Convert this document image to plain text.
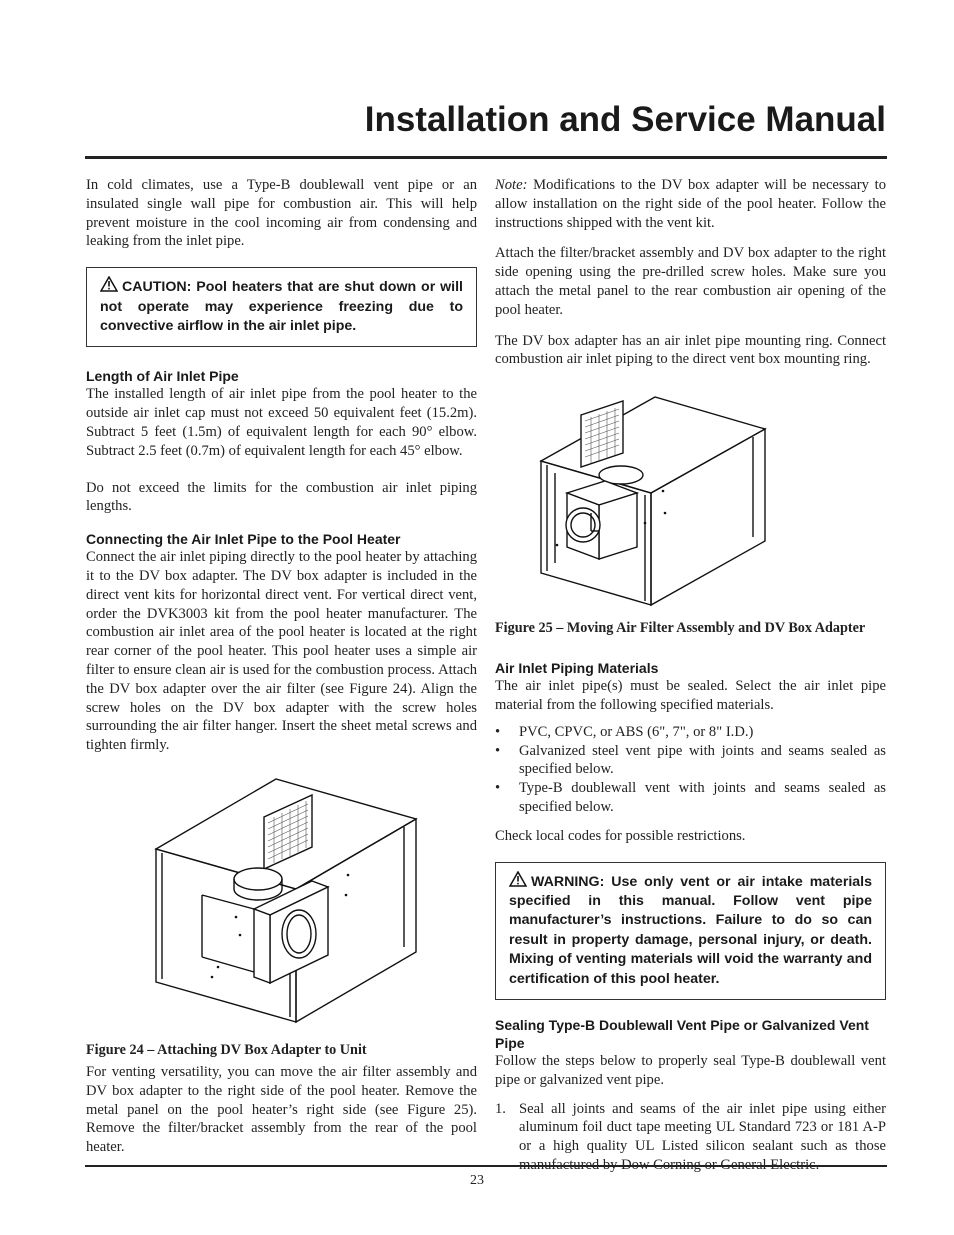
Installation and Service Manual

In cold climates, use a Type-B doublewall vent pipe or an insulated single wall pipe for combustion air. This will help prevent moisture in the cool incoming air from condensing and leaking from the inlet pipe.

CAUTION: Pool heaters that are shut down or will not operate may experience freezing due to convective airflow in the air inlet pipe.
Length of Air Inlet Pipe

The installed length of air inlet pipe from the pool heater to the outside air inlet cap must not exceed 50 equivalent feet (15.2m). Subtract 5 feet (1.5m) of equivalent length for each 90° elbow. Subtract 2.5 feet (0.7m) of equivalent length for each 45° elbow.

Do not exceed the limits for the combustion air inlet piping lengths.

Connecting the Air Inlet Pipe to the Pool Heater

Connect the air inlet piping directly to the pool heater by attaching it to the DV box adapter. The DV box adapter is included in the direct vent kits for horizontal direct vent. For vertical direct vent, order the DVK3003 kit from the pool heater manufacturer. The combustion air inlet area of the pool heater is located at the right rear corner of the pool heater. This pool heater uses a simple air filter to ensure clean air is used for the combustion process. Attach the DV box adapter over the air filter (see Figure 24). Align the screw holes on the DV box adapter with the screw holes surrounding the air filter hanger. Insert the sheet metal screws and tighten firmly.

Figure 24 – Attaching DV Box Adapter to Unit

For venting versatility, you can move the air filter assembly and DV box adapter to the right side of the pool heater. Remove the metal panel on the pool heater’s right side (see Figure 25). Remove the filter/bracket assembly from the rear of the pool heater.

Note: Modifications to the DV box adapter will be necessary to allow installation on the right side of the pool heater. Follow the instructions shipped with the vent kit.

Attach the filter/bracket assembly and DV box adapter to the right side opening using the pre-drilled screw holes. Make sure you attach the metal panel to the rear combustion air opening of the pool heater.

The DV box adapter has an air inlet pipe mounting ring. Connect combustion air inlet piping to the direct vent box mounting ring.

Figure 25 – Moving Air Filter Assembly and DV Box Adapter

Air Inlet Piping Materials

The air inlet pipe(s) must be sealed. Select the air inlet pipe material from the following specified materials.

• PVC, CPVC, or ABS (6", 7", or 8" I.D.)
• Galvanized steel vent pipe with joints and seams sealed as specified below.
• Type-B doublewall vent with joints and seams sealed as specified below.

Check local codes for possible restrictions.

WARNING: Use only vent or air intake materials specified in this manual. Follow vent pipe manufacturer’s instructions. Failure to do so can result in property damage, personal injury, or death. Mixing of venting materials will void the warranty and certification of this pool heater.
Sealing Type-B Doublewall Vent Pipe or Galvanized Vent Pipe

Follow the steps below to properly seal Type-B doublewall vent pipe or galvanized vent pipe.

1. Seal all joints and seams of the air inlet pipe using either aluminum foil duct tape meeting UL Standard 723 or 181 A-P or a high quality UL Listed silicon sealant such as those
23
